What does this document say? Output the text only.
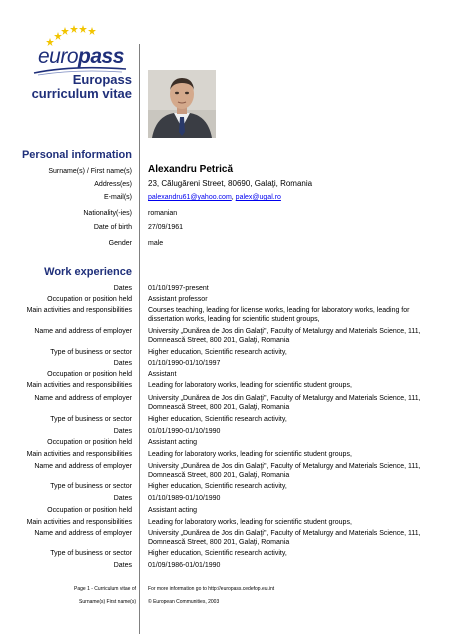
europass
Europass
curriculum vitae
Personal information
Surname(s) / First name(s) Alexandru Petrică
Address(es) 23, Călugăreni Street, 80690, Galaţi, Romania
E-mail(s) palexandru61@yahoo.com, palex@ugal.ro
Nationality(-ies) romanian
Date of birth 27/09/1961
Gender male
Work experience
Dates 01/10/1997-present
Occupation or position held Assistant professor
Main activities and responsibilities Courses teaching, leading for license works, leading for laboratory works, leading for dissertation works, leading for scientific student groups,
Name and address of employer University „Dunărea de Jos din Galaţi", Faculty of Metalurgy and Materials Science, 111, Domnească Street, 800 201, Galaţi, Romania
Type of business or sector Higher education, Scientific research activity,
Dates 01/10/1990-01/10/1997
Occupation or position held Assistant
Main activities and responsibilities Leading for laboratory works, leading for scientific student groups,
Name and address of employer University „Dunărea de Jos din Galaţi", Faculty of Metalurgy and Materials Science, 111, Domnească Street, 800 201, Galaţi, Romania
Type of business or sector Higher education, Scientific research activity,
Dates 01/01/1990-01/10/1990
Occupation or position held Assistant acting
Main activities and responsibilities Leading for laboratory works, leading for scientific student groups,
Name and address of employer University „Dunărea de Jos din Galaţi", Faculty of Metalurgy and Materials Science, 111, Domnească Street, 800 201, Galaţi, Romania
Type of business or sector Higher education, Scientific research activity,
Dates 01/10/1989-01/10/1990
Occupation or position held Assistant acting
Main activities and responsibilities Leading for laboratory works, leading for scientific student groups,
Name and address of employer University „Dunărea de Jos din Galaţi", Faculty of Metalurgy and Materials Science, 111, Domnească Street, 800 201, Galaţi, Romania
Type of business or sector Higher education, Scientific research activity,
Dates 01/09/1986-01/01/1990
Page 1 - Curriculum vitae of
Surname(s) First name(s)
For more information go to http://europass.cedefop.eu.int
© European Communities, 2003
